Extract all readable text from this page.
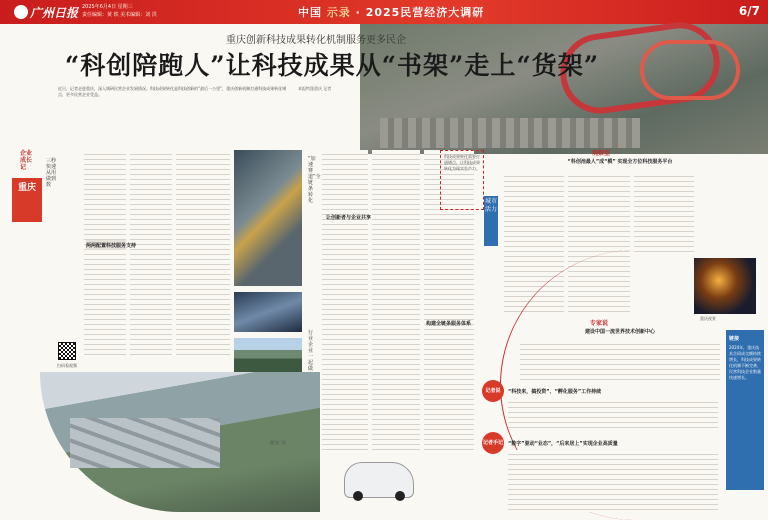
广州日报 2025年6月4日 星期三
责任编辑：黄 轶 美术编辑：刘 洪	中国 示录 · 2025民营经济大调研	6/7
重庆创新科技成果转化机制服务更多民企
“科创陪跑人”让科技成果从“书架”走上“货架”
近日，记者走进重庆，深入调研民营企业发展情况。科技成果转化是科技创新的“最后一公里”，重庆创新机制打通科技成果转化堵点，更多民营企业受益。
本报特派重庆 记者
企业成长记
重庆
三秒快速 从用做到数
扫码看视频
两两配置科技服务支持
“加速赛道”全链条转化
行业企业 一起做
让创新者与企业共享
构建全链条服务体系
图为厂区
观察室
“科创池最人”成“模” 实现全方位科技服务平台
科技成果转化需要打通堵点，让科技成果转化为现实生产力。
城市活力
重庆夜景
专家说
建设中国一流世界技术创新中心
记者说	“科技来，搞投资”、“孵化服务”工作持续
记者手记 “数字”驱动“业态”，“后来居上”实现企业高质量
链接
2024年，重庆技术合同成交额持续增长，科技成果转化机制不断完善，民营科技企业数量快速增长。
